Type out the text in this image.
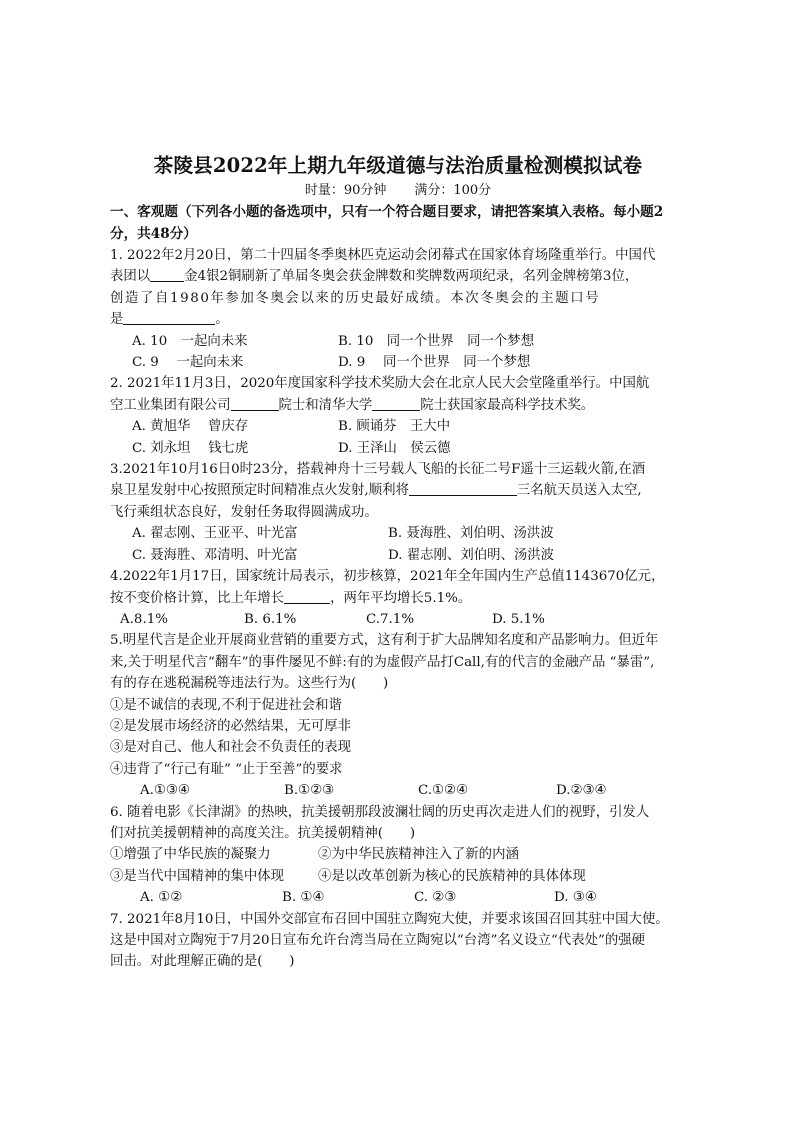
茶陵县2022年上期九年级道德与法治质量检测模拟试卷
时量：90分钟 满分：100分
一、客观题（下列各小题的备选项中，只有一个符合题目要求，请把答案填入表格。每小题2分，共48分）
1. 2022年2月20日，第二十四届冬季奥林匹克运动会闭幕式在国家体育场隆重举行。中国代
表团以	金4银2铜刷新了单届冬奥会获金牌数和奖牌数两项纪录，名列金牌榜第3位，
创造了自1980年参加冬奥会以来的历史最好成绩。本次冬奥会的主题口号
是	。
A. 10　一起向未来	B. 10　同一个世界　同一个梦想
C. 9　 一起向未来	D. 9　 同一个世界　同一个梦想
2. 2021年11月3日，2020年度国家科学技术奖励大会在北京人民大会堂隆重举行。中国航
空工业集团有限公司	院士和清华大学	院士获国家最高科学技术奖。
A. 黄旭华　 曾庆存	B. 顾诵芬　王大中
C. 刘永坦　 钱七虎	D. 王泽山　侯云德
3.2021年10月16日0时23分，搭载神舟十三号载人飞船的长征二号F遥十三运载火箭,在酒
泉卫星发射中心按照预定时间精准点火发射,顺利将	三名航天员送入太空,
飞行乘组状态良好，发射任务取得圆满成功。
A. 翟志刚、王亚平、叶光富	B. 聂海胜、刘伯明、汤洪波
C. 聂海胜、邓清明、叶光富	D. 翟志刚、刘伯明、汤洪波
4.2022年1月17日，国家统计局表示，初步核算，2021年全年国内生产总值1143670亿元，
按不变价格计算，比上年增长	，两年平均增长5.1%。
A.8.1%	B. 6.1%	C.7.1%	D. 5.1%
5.明星代言是企业开展商业营销的重要方式，这有利于扩大品牌知名度和产品影响力。但近年
来,关于明星代言“翻车”的事件屡见不鲜:有的为虚假产品打Call,有的代言的金融产品 “暴雷”,
有的存在逃税漏税等违法行为。这些行为(　　)
①是不诚信的表现,不利于促进社会和谐
②是发展市场经济的必然结果，无可厚非
③是对自己、他人和社会不负责任的表现
④违背了“行己有耻” “止于至善”的要求
A.①③④	B.①②③	C.①②④	D.②③④
6. 随着电影《长津湖》的热映，抗美援朝那段波澜壮阔的历史再次走进人们的视野，引发人
们对抗美援朝精神的高度关注。抗美援朝精神(　　)
①增强了中华民族的凝聚力	②为中华民族精神注入了新的内涵
③是当代中国精神的集中体现	④是以改革创新为核心的民族精神的具体体现
A. ①②	B. ①④	C. ②③	D. ③④
7. 2021年8月10日，中国外交部宣布召回中国驻立陶宛大使，并要求该国召回其驻中国大使。
这是中国对立陶宛于7月20日宣布允许台湾当局在立陶宛以“台湾”名义设立“代表处”的强硬
回击。对此理解正确的是(　　)
